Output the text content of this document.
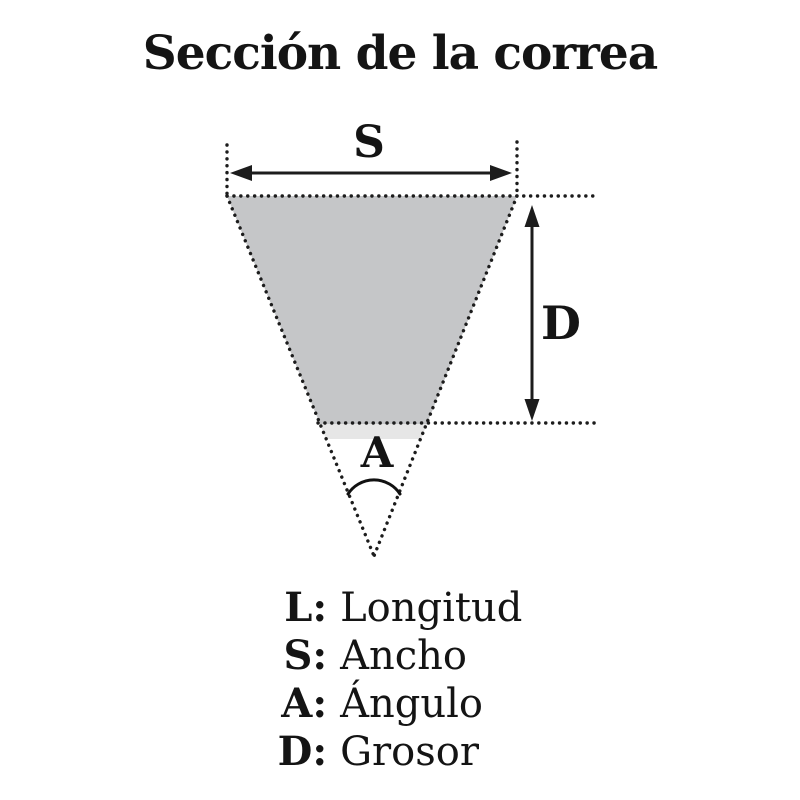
Sección de la correa
S
D
A
L: Longitud
S: Ancho
A: Ángulo
D: Grosor
